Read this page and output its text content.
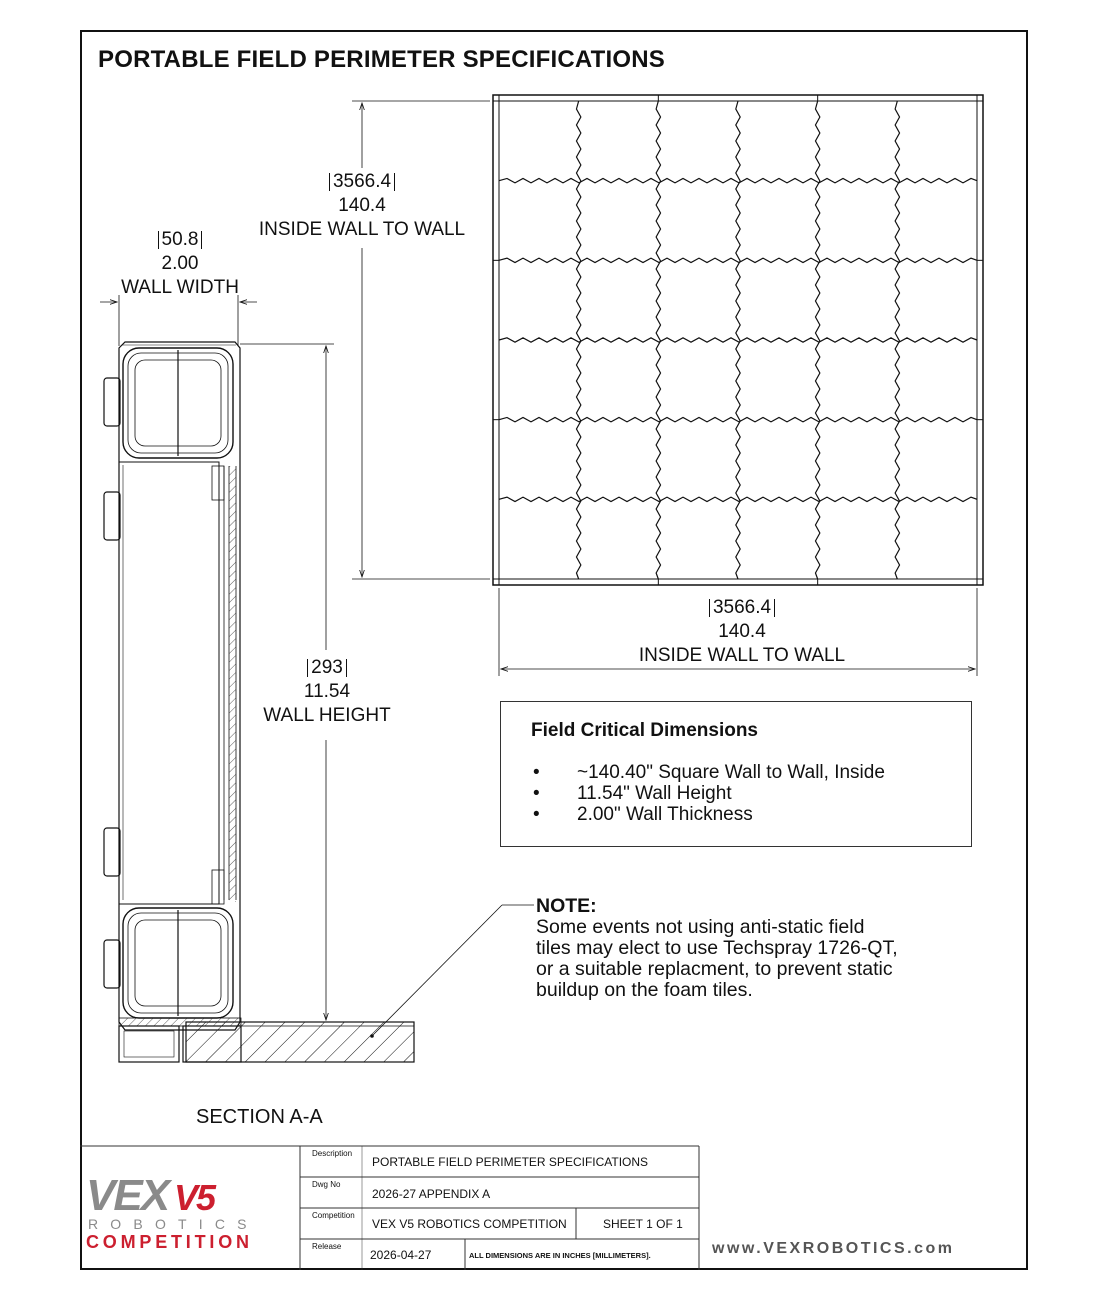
PORTABLE FIELD PERIMETER SPECIFICATIONS
50.8
2.00
WALL WIDTH
3566.4
140.4
INSIDE WALL TO WALL
3566.4
140.4
INSIDE WALL TO WALL
293
11.54
WALL HEIGHT
SECTION A-A
Field Critical Dimensions
• ~140.40" Square Wall to Wall, Inside
• 11.54" Wall Height
• 2.00" Wall Thickness
NOTE:
Some events not using anti-static field
tiles may elect to use Techspray 1726-QT,
or a suitable replacment, to prevent static
buildup on the foam tiles.
VEX V5
ROBOTICS
COMPETITION
Description
PORTABLE FIELD PERIMETER SPECIFICATIONS
Dwg No
2026-27 APPENDIX A
Competition
VEX V5 ROBOTICS COMPETITION	SHEET 1 OF 1
Release
2026-04-27	ALL DIMENSIONS ARE IN INCHES [MILLIMETERS].	www.VEXROBOTICS.com
